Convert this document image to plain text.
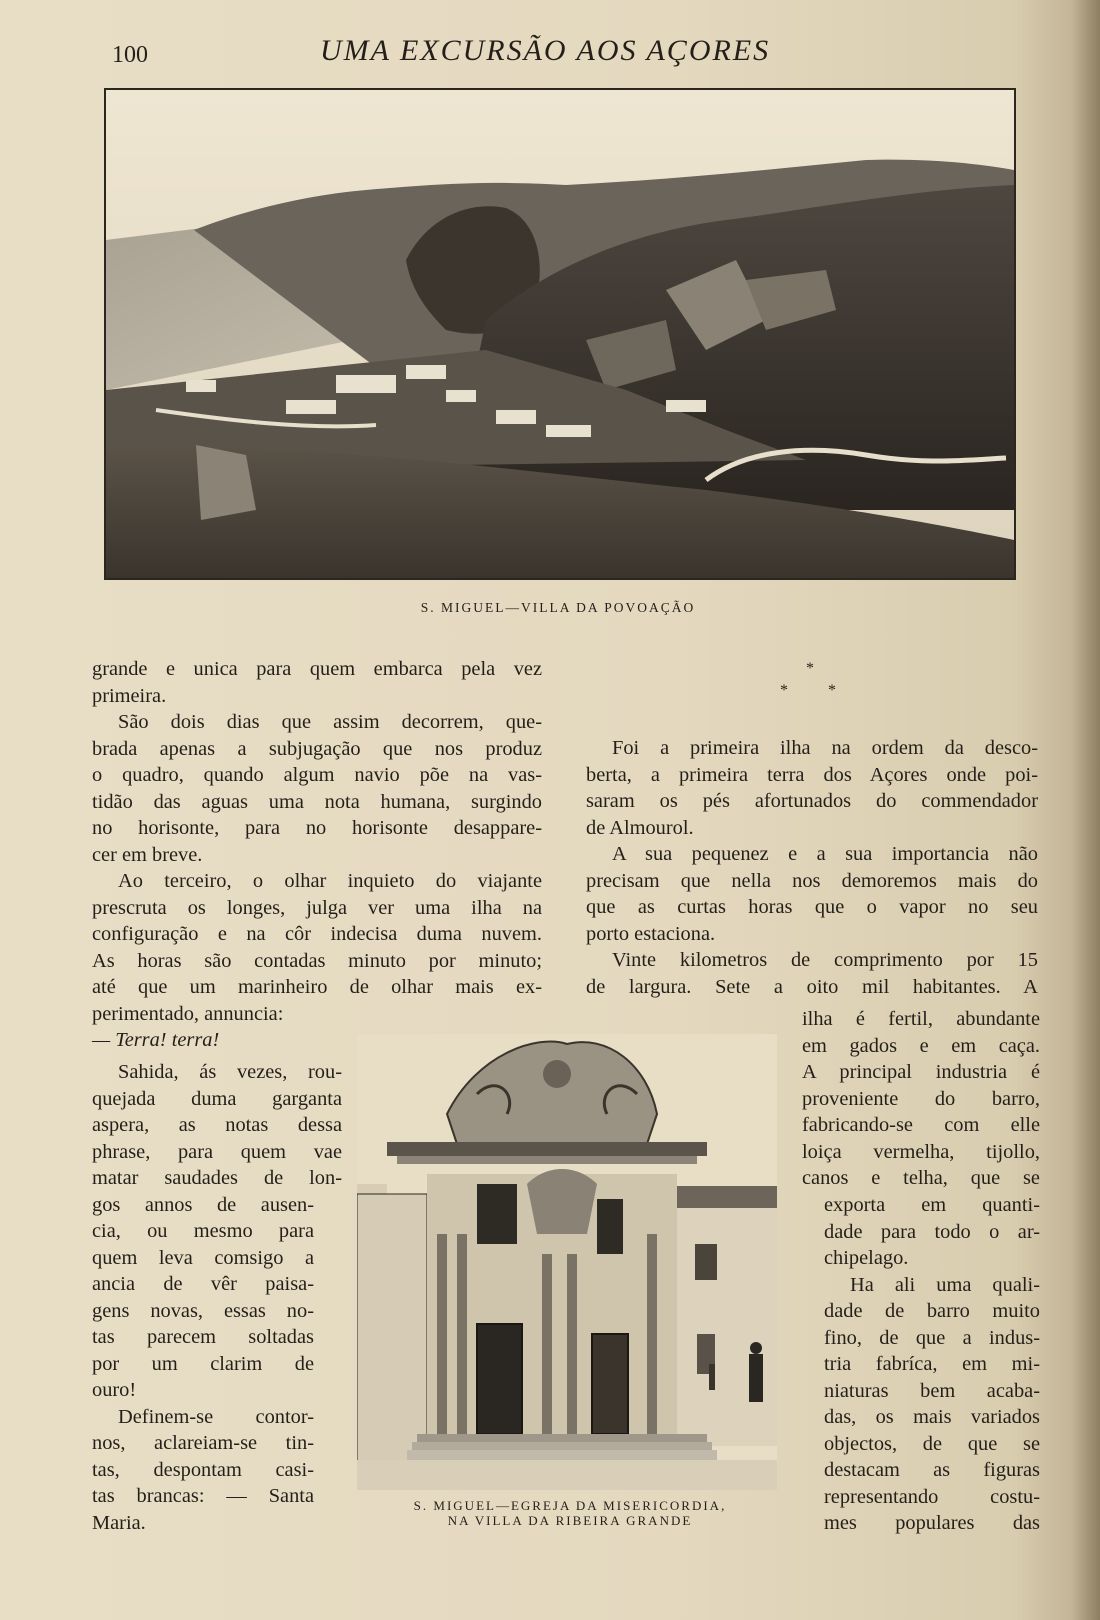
100	UMA EXCURSÃO AOS AÇORES
S. MIGUEL—VILLA DA POVOAÇÃO
*
*	*
grande e unica para quem embarca pela vez
primeira.
São dois dias que assim decorrem, que-
brada apenas a subjugação que nos produz
o quadro, quando algum navio põe na vas-
tidão das aguas uma nota humana, surgindo
no horisonte, para no horisonte desappare-
cer em breve.
Ao terceiro, o olhar inquieto do viajante
prescruta os longes, julga ver uma ilha na
configuração e na côr indecisa duma nuvem.
As horas são contadas minuto por minuto;
até que um marinheiro de olhar mais ex-
perimentado, annuncia:
— Terra! terra!
Sahida, ás vezes, rou-
quejada duma garganta
aspera, as notas dessa
phrase, para quem vae
matar saudades de lon-
gos annos de ausen-
cia, ou mesmo para
quem leva comsigo a
ancia de vêr paisa-
gens novas, essas no-
tas parecem soltadas
por um clarim de
ouro!
Definem-se contor-
nos, aclareiam-se tin-
tas, despontam casi-
tas brancas: — Santa
Maria.
S. MIGUEL—EGREJA DA MISERICORDIA,
NA VILLA DA RIBEIRA GRANDE
Foi a primeira ilha na ordem da desco-
berta, a primeira terra dos Açores onde poi-
saram os pés afortunados do commendador
de Almourol.
A sua pequenez e a sua importancia não
precisam que nella nos demoremos mais do
que as curtas horas que o vapor no seu
porto estaciona.
Vinte kilometros de comprimento por 15
de largura. Sete a oito mil habitantes. A
ilha é fertil, abundante
em gados e em caça.
A principal industria é
proveniente do barro,
fabricando-se com elle
loiça vermelha, tijollo,
canos e telha, que se
exporta em quanti-
dade para todo o ar-
chipelago.
Ha ali uma quali-
dade de barro muito
fino, de que a indus-
tria fabríca, em mi-
niaturas bem acaba-
das, os mais variados
objectos, de que se
destacam as figuras
representando costu-
mes populares das
